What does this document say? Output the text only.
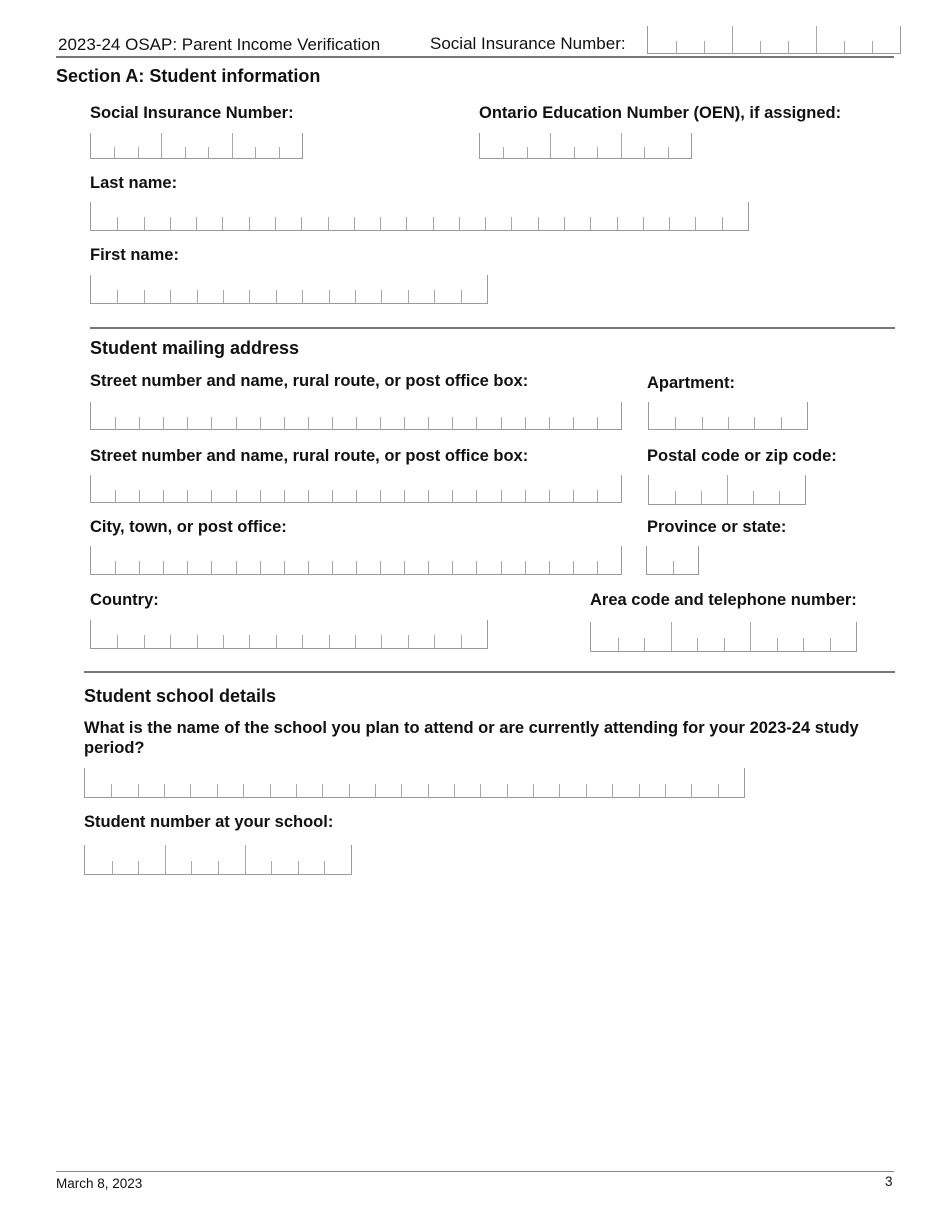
2023-24 OSAP: Parent Income Verification	Social Insurance Number:
Section A: Student information
Social Insurance Number:	Ontario Education Number (OEN), if assigned:
Last name:
First name:
Student mailing address
Street number and name, rural route, or post office box:	Apartment:
Street number and name, rural route, or post office box:	Postal code or zip code:
City, town, or post office:	Province or state:
Country:	Area code and telephone number:
Student school details
What is the name of the school you plan to attend or are currently attending for your 2023-24 study period?
Student number at your school:
March 8, 2023	3
